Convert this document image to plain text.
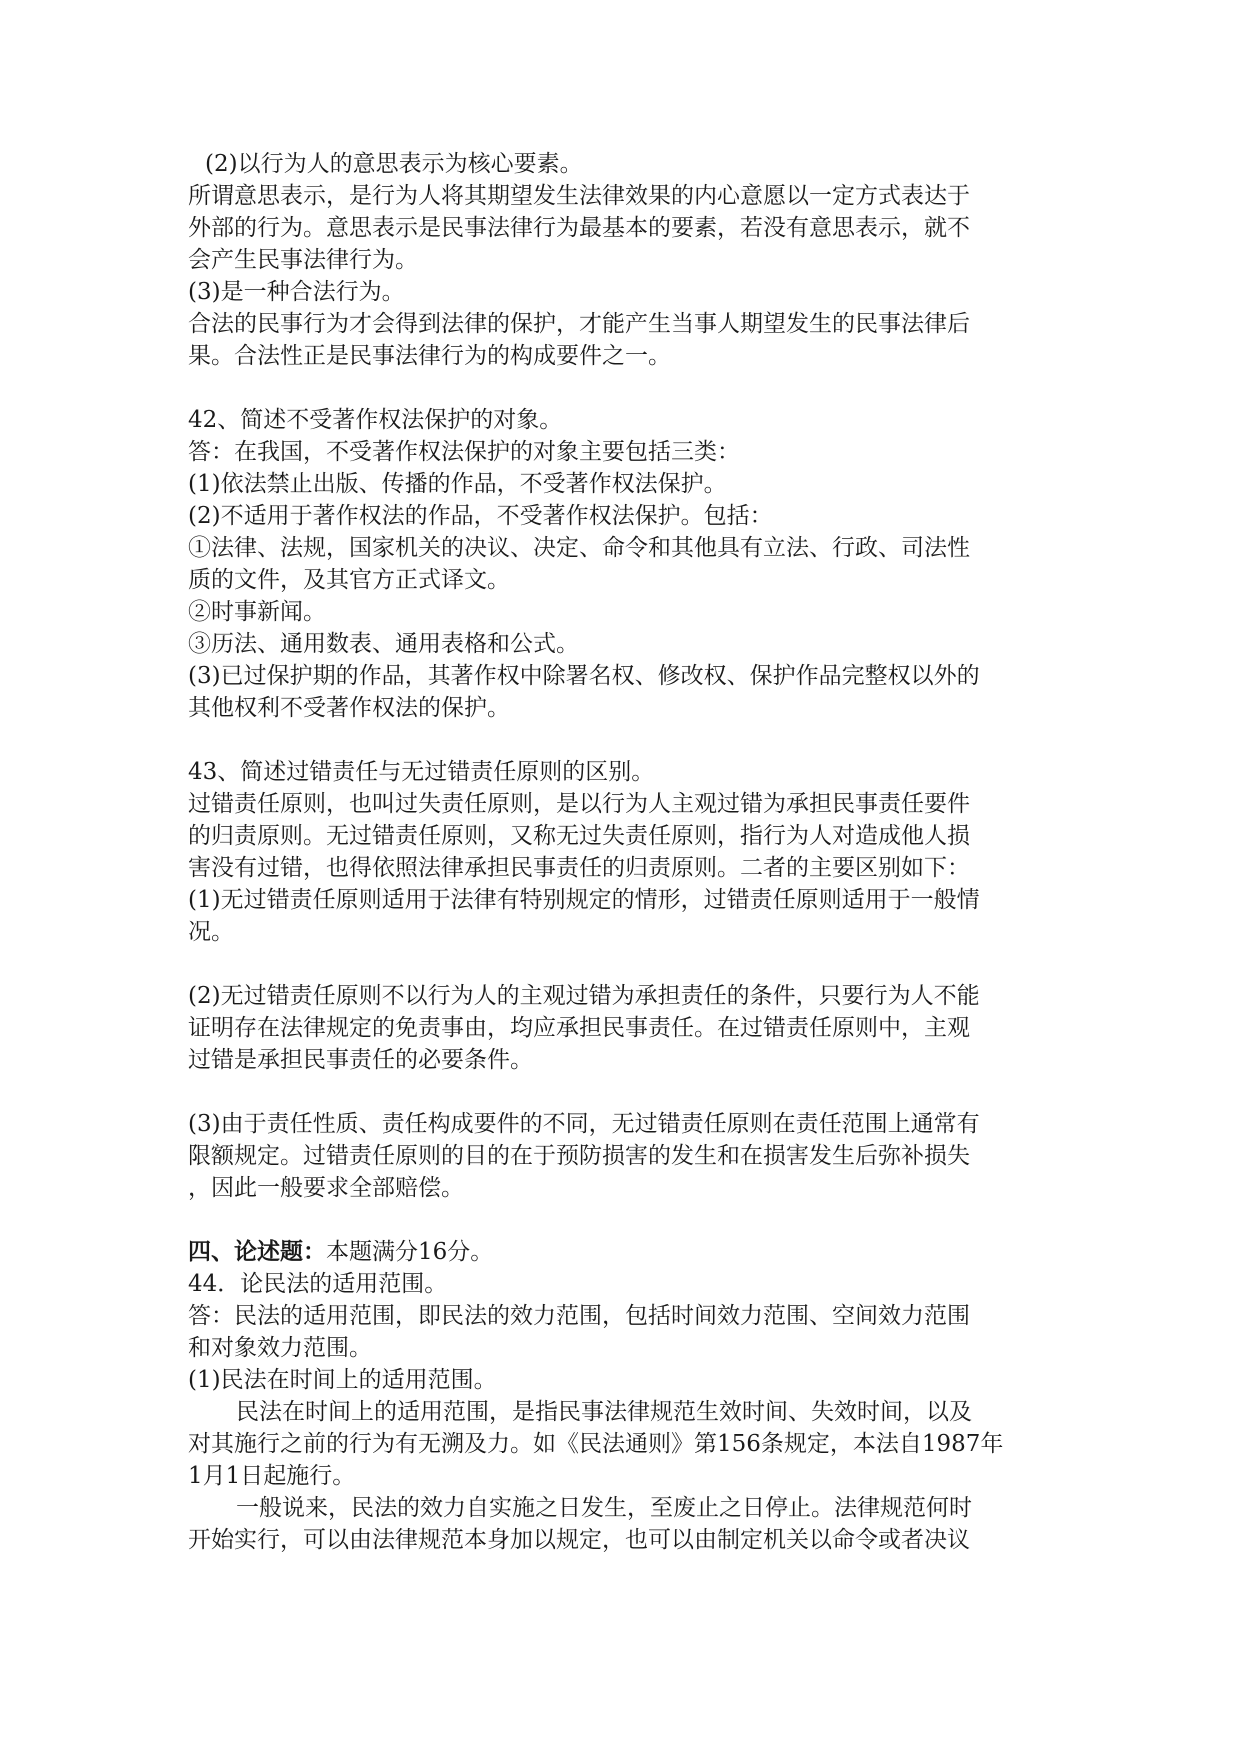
(2)以行为人的意思表示为核心要素。
所谓意思表示，是行为人将其期望发生法律效果的内心意愿以一定方式表达于
外部的行为。意思表示是民事法律行为最基本的要素，若没有意思表示，就不
会产生民事法律行为。
(3)是一种合法行为。
合法的民事行为才会得到法律的保护，才能产生当事人期望发生的民事法律后
果。合法性正是民事法律行为的构成要件之一。
42、简述不受著作权法保护的对象。
答：在我国，不受著作权法保护的对象主要包括三类：
(1)依法禁止出版、传播的作品，不受著作权法保护。
(2)不适用于著作权法的作品，不受著作权法保护。包括：
①法律、法规，国家机关的决议、决定、命令和其他具有立法、行政、司法性
质的文件，及其官方正式译文。
②时事新闻。
③历法、通用数表、通用表格和公式。
(3)已过保护期的作品，其著作权中除署名权、修改权、保护作品完整权以外的
其他权利不受著作权法的保护。
43、简述过错责任与无过错责任原则的区别。
过错责任原则，也叫过失责任原则，是以行为人主观过错为承担民事责任要件
的归责原则。无过错责任原则，又称无过失责任原则，指行为人对造成他人损
害没有过错，也得依照法律承担民事责任的归责原则。二者的主要区别如下：
(1)无过错责任原则适用于法律有特别规定的情形，过错责任原则适用于一般情
况。
(2)无过错责任原则不以行为人的主观过错为承担责任的条件，只要行为人不能
证明存在法律规定的免责事由，均应承担民事责任。在过错责任原则中，主观
过错是承担民事责任的必要条件。
(3)由于责任性质、责任构成要件的不同，无过错责任原则在责任范围上通常有
限额规定。过错责任原则的目的在于预防损害的发生和在损害发生后弥补损失
，因此一般要求全部赔偿。
四、论述题：本题满分16分。
44．论民法的适用范围。
答：民法的适用范围，即民法的效力范围，包括时间效力范围、空间效力范围
和对象效力范围。
(1)民法在时间上的适用范围。
民法在时间上的适用范围，是指民事法律规范生效时间、失效时间，以及
对其施行之前的行为有无溯及力。如《民法通则》第156条规定，本法自1987年
1月1日起施行。
一般说来，民法的效力自实施之日发生，至废止之日停止。法律规范何时
开始实行，可以由法律规范本身加以规定，也可以由制定机关以命令或者决议
